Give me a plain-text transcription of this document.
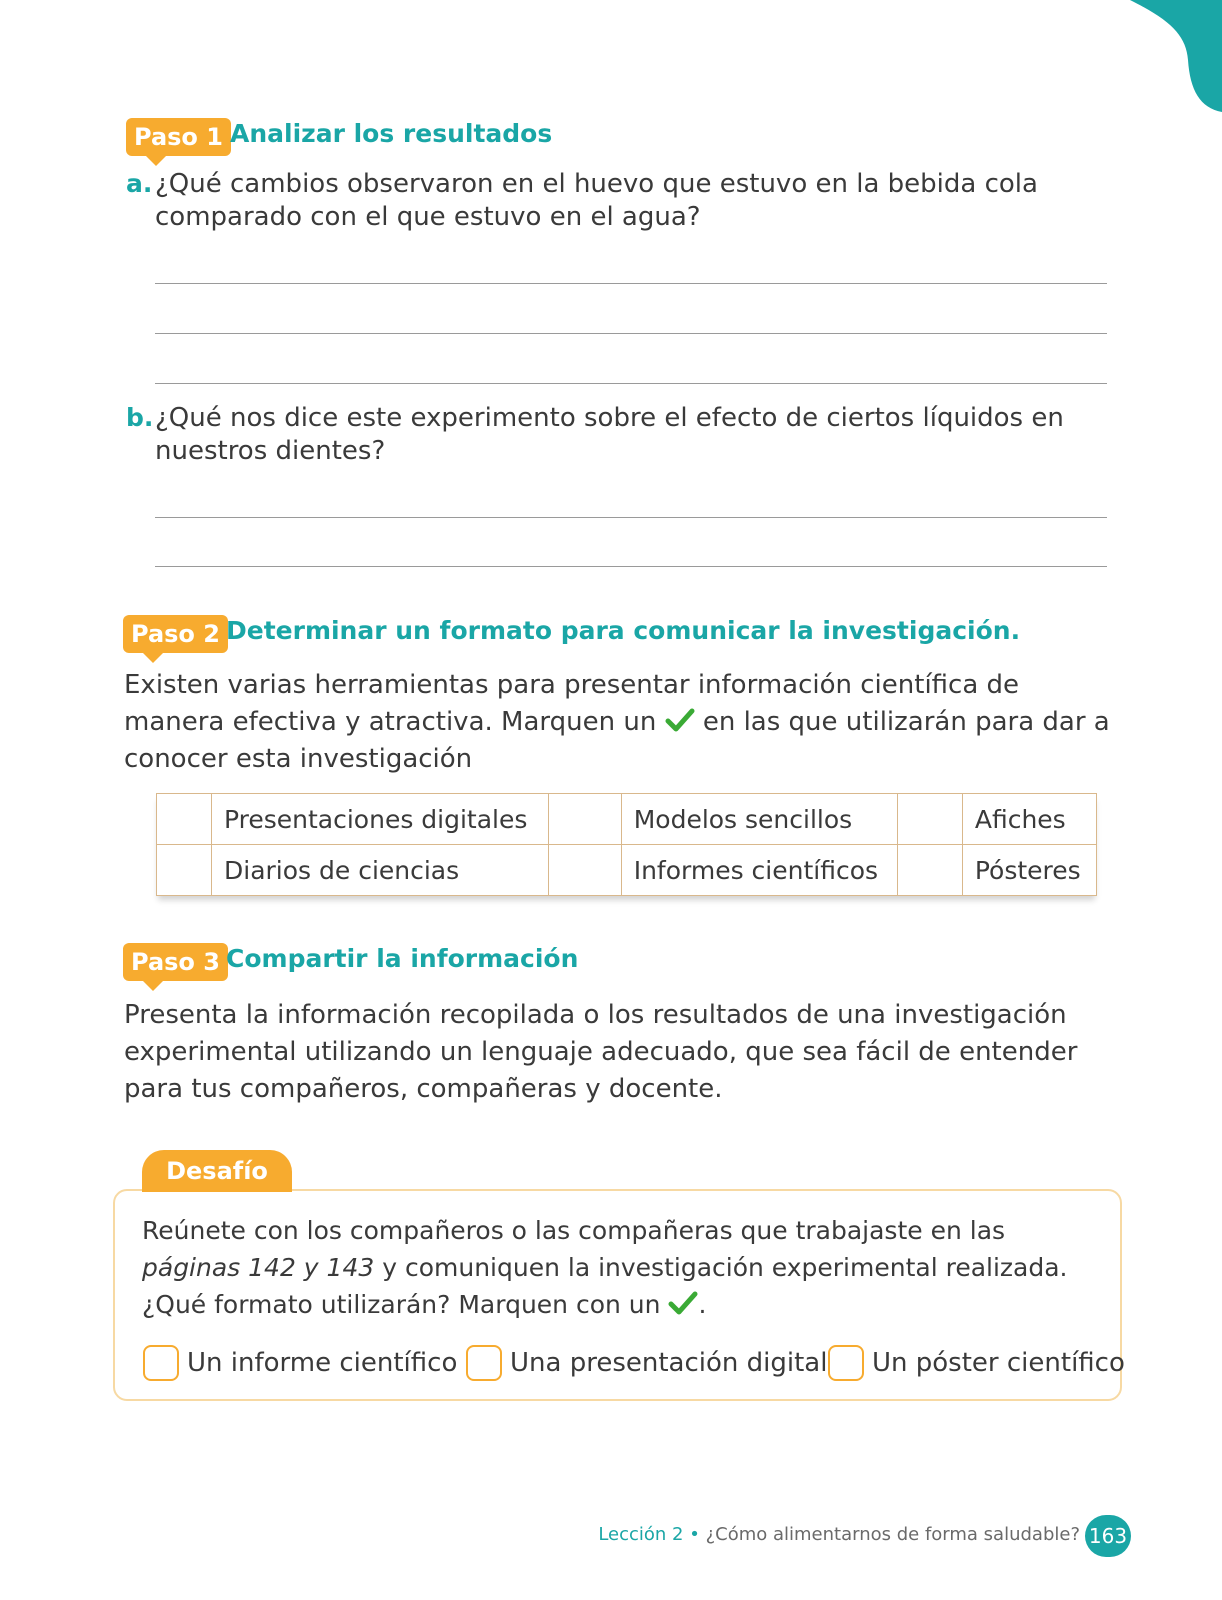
Paso 1 Analizar los resultados
a. ¿Qué cambios observaron en el huevo que estuvo en la bebida cola
comparado con el que estuvo en el agua?
b. ¿Qué nos dice este experimento sobre el efecto de ciertos líquidos en
nuestros dientes?
Paso 2 Determinar un formato para comunicar la investigación.
Existen varias herramientas para presentar información científica de
manera efectiva y atractiva. Marquen un en las que utilizarán para dar a
conocer esta investigación
	Presentaciones digitales		Modelos sencillos		Afiches
	Diarios de ciencias		Informes científicos		Pósteres
Paso 3 Compartir la información
Presenta la información recopilada o los resultados de una investigación
experimental utilizando un lenguaje adecuado, que sea fácil de entender
para tus compañeros, compañeras y docente.
Desafío
Reúnete con los compañeros o las compañeras que trabajaste en las
páginas 142 y 143 y comuniquen la investigación experimental realizada.
¿Qué formato utilizarán? Marquen con un .
Un informe científico Una presentación digital Un póster científico
Lección 2 • ¿Cómo alimentarnos de forma saludable? 163
